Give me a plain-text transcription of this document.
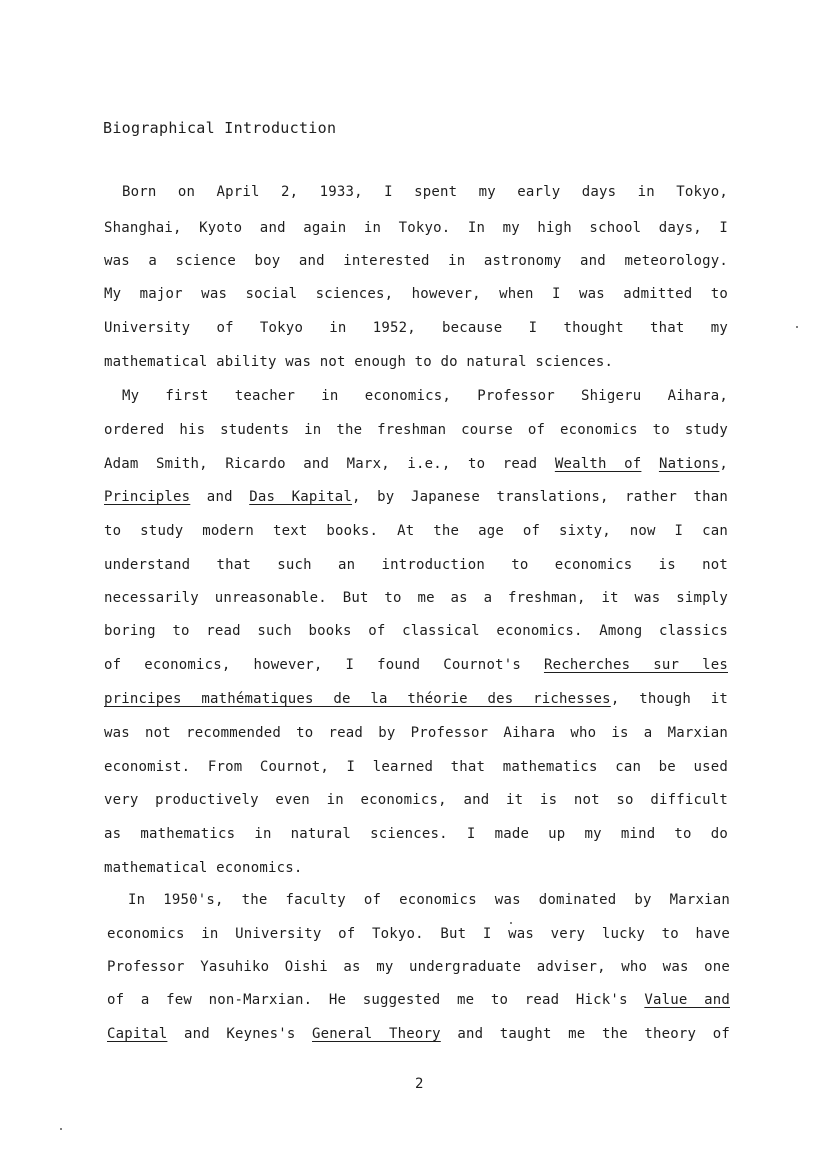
Biographical Introduction
Born on April 2, 1933, I spent my early days in Tokyo,
Shanghai, Kyoto and again in Tokyo. In my high school days, I
was a science boy and interested in astronomy and meteorology.
My major was social sciences, however, when I was admitted to
University of Tokyo in 1952, because I thought that my
mathematical ability was not enough to do natural sciences.
My first teacher in economics, Professor Shigeru Aihara,
ordered his students in the freshman course of economics to study
Adam Smith, Ricardo and Marx, i.e., to read Wealth of Nations,
Principles and Das Kapital, by Japanese translations, rather than
to study modern text books. At the age of sixty, now I can
understand that such an introduction to economics is not
necessarily unreasonable. But to me as a freshman, it was simply
boring to read such books of classical economics. Among classics
of economics, however, I found Cournot's Recherches sur les
principes mathématiques de la théorie des richesses, though it
was not recommended to read by Professor Aihara who is a Marxian
economist. From Cournot, I learned that mathematics can be used
very productively even in economics, and it is not so difficult
as mathematics in natural sciences. I made up my mind to do
mathematical economics.
In 1950's, the faculty of economics was dominated by Marxian
economics in University of Tokyo. But I was very lucky to have
Professor Yasuhiko Oishi as my undergraduate adviser, who was one
of a few non-Marxian. He suggested me to read Hick's Value and
Capital and Keynes's General Theory and taught me the theory of
2
